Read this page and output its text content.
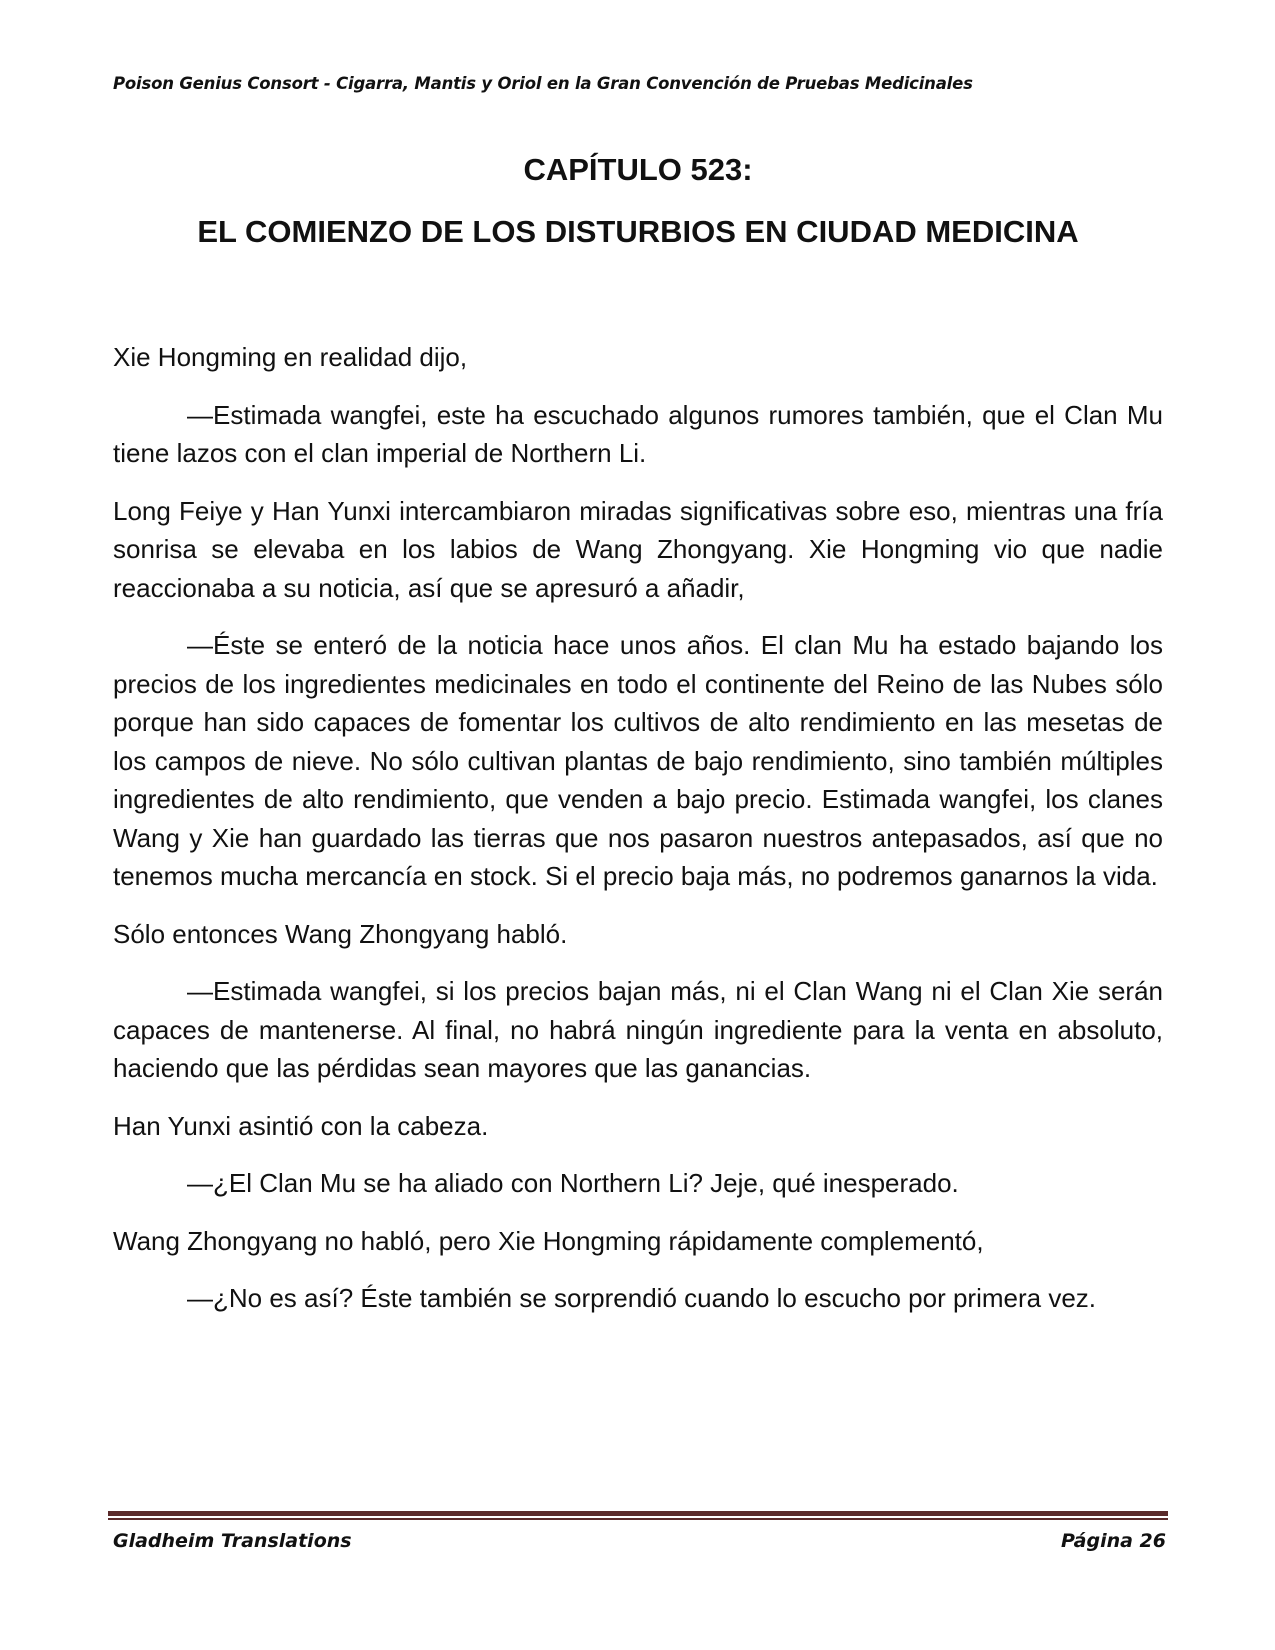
Poison Genius Consort - Cigarra, Mantis y Oriol en la Gran Convención de Pruebas Medicinales
CAPÍTULO 523:
EL COMIENZO DE LOS DISTURBIOS EN CIUDAD MEDICINA

Xie Hongming en realidad dijo,

—Estimada wangfei, este ha escuchado algunos rumores también, que el Clan Mu tiene lazos con el clan imperial de Northern Li.

Long Feiye y Han Yunxi intercambiaron miradas significativas sobre eso, mientras una fría sonrisa se elevaba en los labios de Wang Zhongyang. Xie Hongming vio que nadie reaccionaba a su noticia, así que se apresuró a añadir,

—Éste se enteró de la noticia hace unos años. El clan Mu ha estado bajando los precios de los ingredientes medicinales en todo el continente del Reino de las Nubes sólo porque han sido capaces de fomentar los cultivos de alto rendimiento en las mesetas de los campos de nieve. No sólo cultivan plantas de bajo rendimiento, sino también múltiples ingredientes de alto rendimiento, que venden a bajo precio. Estimada wangfei, los clanes Wang y Xie han guardado las tierras que nos pasaron nuestros antepasados, así que no tenemos mucha mercancía en stock. Si el precio baja más, no podremos ganarnos la vida.

Sólo entonces Wang Zhongyang habló.

—Estimada wangfei, si los precios bajan más, ni el Clan Wang ni el Clan Xie serán capaces de mantenerse. Al final, no habrá ningún ingrediente para la venta en absoluto, haciendo que las pérdidas sean mayores que las ganancias.

Han Yunxi asintió con la cabeza.

—¿El Clan Mu se ha aliado con Northern Li? Jeje, qué inesperado.

Wang Zhongyang no habló, pero Xie Hongming rápidamente complementó,

—¿No es así? Éste también se sorprendió cuando lo escucho por primera vez.

Gladheim Translations	Página 26
